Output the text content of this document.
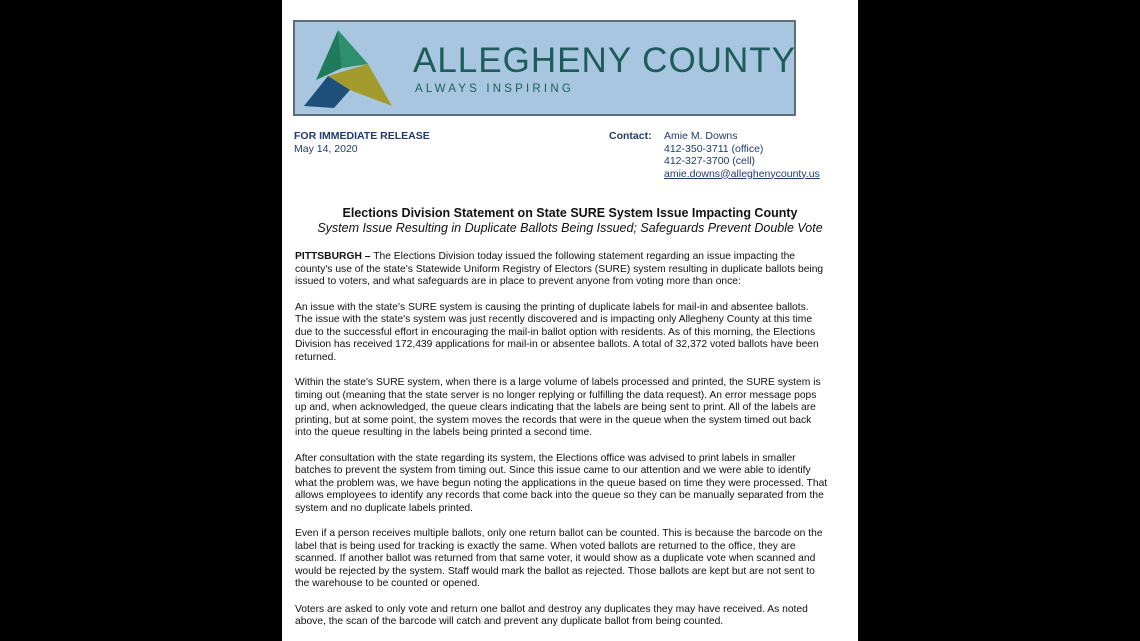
ALLEGHENY COUNTY
ALWAYS INSPIRING
FOR IMMEDIATE RELEASE
May 14, 2020
Contact: Amie M. Downs
412-350-3711 (office)
412-327-3700 (cell)
amie.downs@alleghenycounty.us
Elections Division Statement on State SURE System Issue Impacting County
System Issue Resulting in Duplicate Ballots Being Issued; Safeguards Prevent Double Vote

PITTSBURGH – The Elections Division today issued the following statement regarding an issue impacting the county's use of the state's Statewide Uniform Registry of Electors (SURE) system resulting in duplicate ballots being issued to voters, and what safeguards are in place to prevent anyone from voting more than once:

An issue with the state's SURE system is causing the printing of duplicate labels for mail-in and absentee ballots. The issue with the state's system was just recently discovered and is impacting only Allegheny County at this time due to the successful effort in encouraging the mail-in ballot option with residents. As of this morning, the Elections Division has received 172,439 applications for mail-in or absentee ballots. A total of 32,372 voted ballots have been returned.

Within the state's SURE system, when there is a large volume of labels processed and printed, the SURE system is timing out (meaning that the state server is no longer replying or fulfilling the data request). An error message pops up and, when acknowledged, the queue clears indicating that the labels are being sent to print. All of the labels are printing, but at some point, the system moves the records that were in the queue when the system timed out back into the queue resulting in the labels being printed a second time.

After consultation with the state regarding its system, the Elections office was advised to print labels in smaller batches to prevent the system from timing out. Since this issue came to our attention and we were able to identify what the problem was, we have begun noting the applications in the queue based on time they were processed. That allows employees to identify any records that come back into the queue so they can be manually separated from the system and no duplicate labels printed.

Even if a person receives multiple ballots, only one return ballot can be counted. This is because the barcode on the label that is being used for tracking is exactly the same. When voted ballots are returned to the office, they are scanned. If another ballot was returned from that same voter, it would show as a duplicate vote when scanned and would be rejected by the system. Staff would mark the ballot as rejected. Those ballots are kept but are not sent to the warehouse to be counted or opened.

Voters are asked to only vote and return one ballot and destroy any duplicates they may have received. As noted above, the scan of the barcode will catch and prevent any duplicate ballot from being counted.
